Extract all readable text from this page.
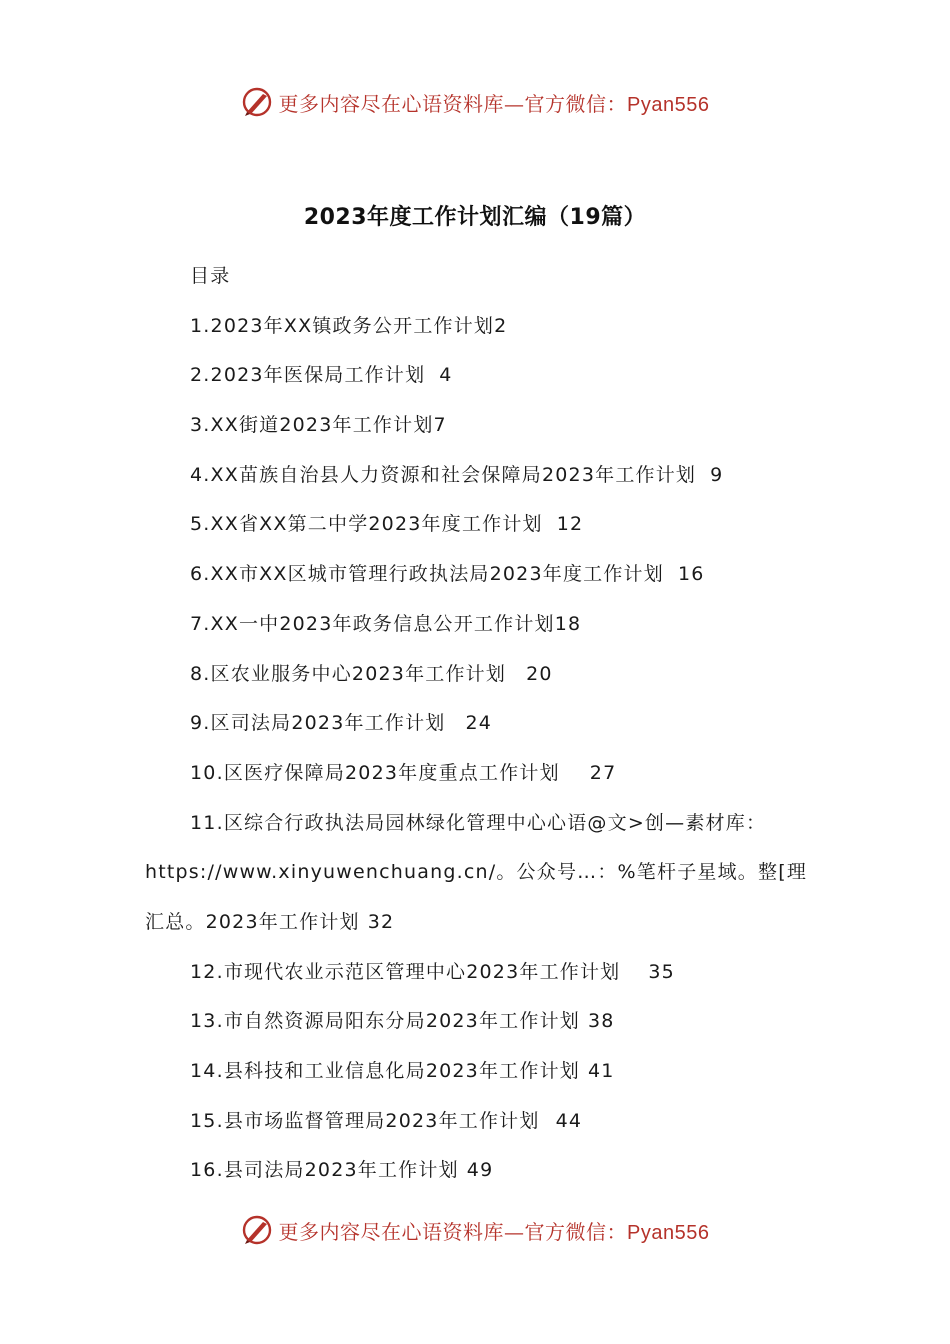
更多内容尽在心语资料库—官方微信：Pyan556
2023年度工作计划汇编（19篇）
目录
1.2023年XX镇政务公开工作计划2
2.2023年医保局工作计划 4
3.XX街道2023年工作计划7
4.XX苗族自治县人力资源和社会保障局2023年工作计划 9
5.XX省XX第二中学2023年度工作计划 12
6.XX市XX区城市管理行政执法局2023年度工作计划 16
7.XX一中2023年政务信息公开工作计划18
8.区农业服务中心2023年工作计划 20
9.区司法局2023年工作计划 24
10.区医疗保障局2023年度重点工作计划 27
11.区综合行政执法局园林绿化管理中心心语@文>创—素材库：
https://www.xinyuwenchuang.cn/。公众号…：%笔杆子星域。整[理
汇总。2023年工作计划 32
12.市现代农业示范区管理中心2023年工作计划 35
13.市自然资源局阳东分局2023年工作计划 38
14.县科技和工业信息化局2023年工作计划 41
15.县市场监督管理局2023年工作计划 44
16.县司法局2023年工作计划 49
更多内容尽在心语资料库—官方微信：Pyan556
